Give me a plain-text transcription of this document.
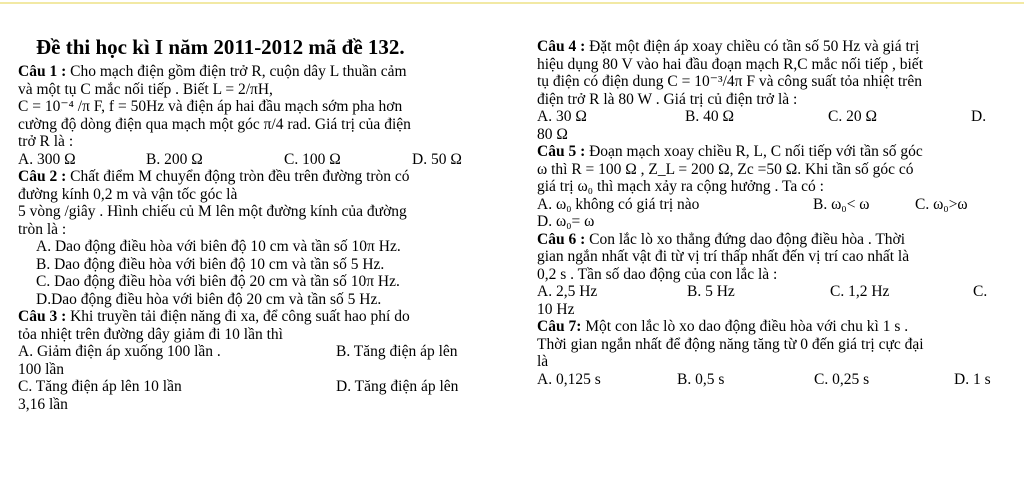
Đề thi học kì I năm 2011-2012 mã đề 132.
Câu 1 : Cho mạch điện gồm điện trở R, cuộn dây L thuần cảm
và một tụ C mắc nối tiếp . Biết L = 2/πH,
C = 10⁻⁴ /π F, f = 50Hz và điện áp hai đầu mạch sớm pha hơn
cường độ dòng điện qua mạch một góc π/4 rad. Giá trị của điện
trở R là :
A. 300 Ω	B. 200 Ω	C. 100 Ω	D. 50 Ω
Câu 2 : Chất điểm M chuyển động tròn đều trên đường tròn có
đường kính 0,2 m và vận tốc góc là
5 vòng /giây . Hình chiếu củ M lên một đường kính của đường
tròn là :
A. Dao động điều hòa với biên độ 10 cm và tần số 10π Hz.
B. Dao động điều hòa với biên độ 10 cm và tần số 5 Hz.
C. Dao động điều hòa với biên độ 20 cm và tần số 10π Hz.
D.Dao động điều hòa với biên độ 20 cm và tần số 5 Hz.
Câu 3 : Khi truyền tải điện năng đi xa, để công suất hao phí do
tỏa nhiệt trên đường dây giảm đi 10 lần thì
A. Giảm điện áp xuống 100 lần .	B. Tăng điện áp lên
100 lần
C. Tăng điện áp lên 10 lần	D. Tăng điện áp lên
3,16 lần
Câu 4 : Đặt một điện áp xoay chiều có tần số 50 Hz và giá trị
hiệu dụng 80 V vào hai đầu đoạn mạch R,C mắc nối tiếp , biết
tụ điện có điện dung C = 10⁻³/4π F và công suất tỏa nhiệt trên
điện trở R là 80 W . Giá trị củ điện trở là :
A. 30 Ω	B. 40 Ω	C. 20 Ω	D.
80 Ω
Câu 5 : Đoạn mạch xoay chiều R, L, C nối tiếp với tần số góc
ω thì R = 100 Ω , Z_L = 200 Ω, Zc =50 Ω. Khi tần số góc có
giá trị ω₀ thì mạch xảy ra cộng hưởng . Ta có :
A. ω₀ không có giá trị nào	B. ω₀< ω	C. ω₀>ω
D. ω₀= ω
Câu 6 : Con lắc lò xo thẳng đứng dao động điều hòa . Thời
gian ngắn nhất vật đi từ vị trí thấp nhất đến vị trí cao nhất là
0,2 s . Tần số dao động của con lắc là :
A. 2,5 Hz	B. 5 Hz	C. 1,2 Hz	C.
10 Hz
Câu 7: Một con lắc lò xo dao động điều hòa với chu kì 1 s .
Thời gian ngắn nhất để động năng tăng từ 0 đến giá trị cực đại
là
A. 0,125 s	B. 0,5 s	C. 0,25 s	D. 1 s
